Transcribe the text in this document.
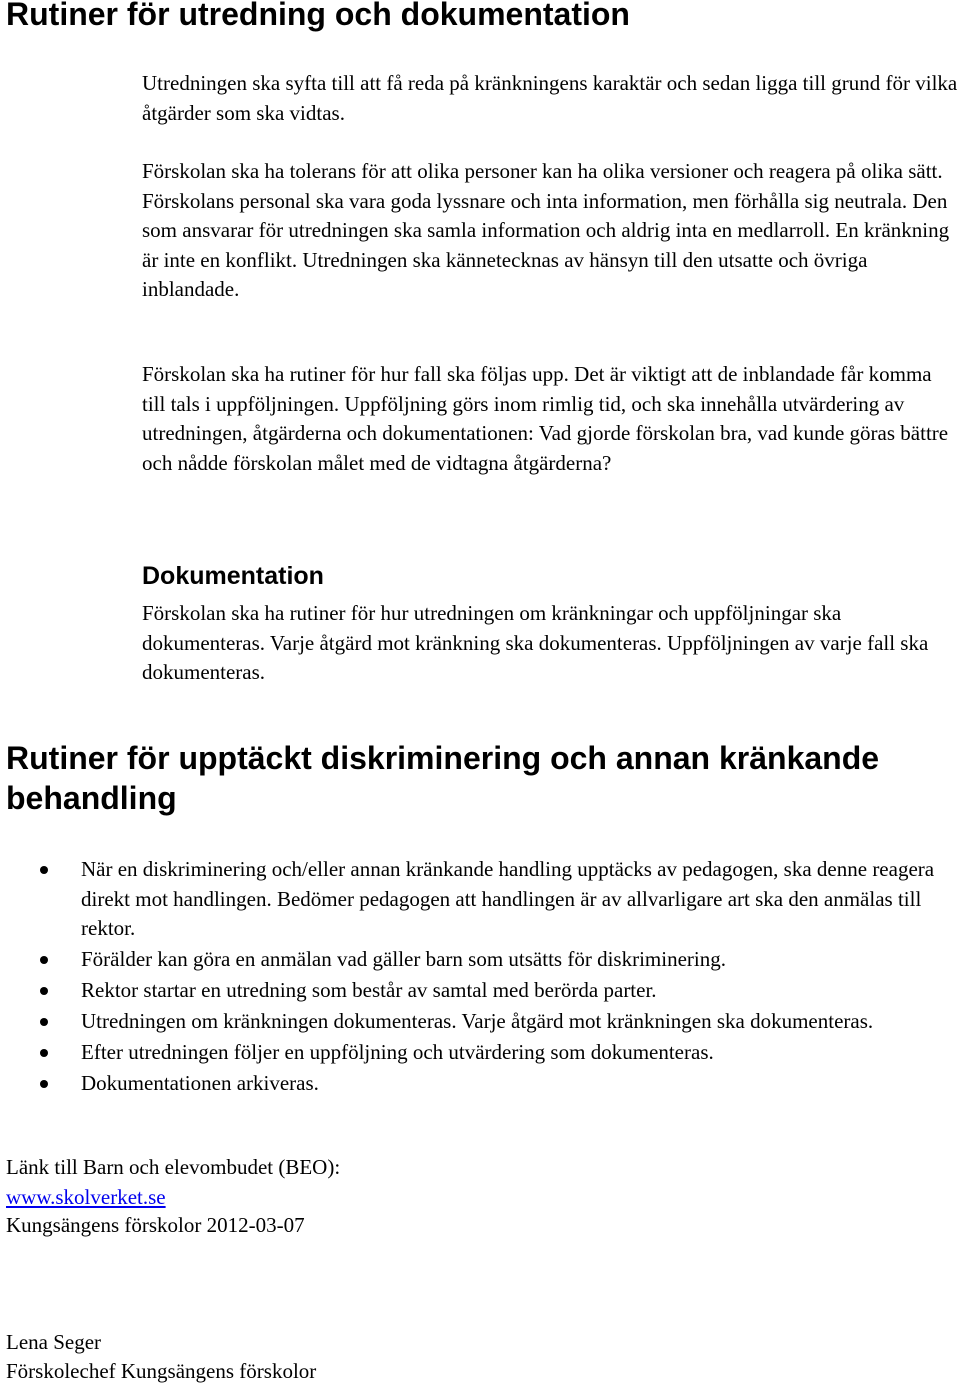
Rutiner för utredning och dokumentation

Utredningen ska syfta till att få reda på kränkningens karaktär och sedan ligga till grund för vilka åtgärder som ska vidtas.

Förskolan ska ha tolerans för att olika personer kan ha olika versioner och reagera på olika sätt. Förskolans personal ska vara goda lyssnare och inta information, men förhålla sig neutrala. Den som ansvarar för utredningen ska samla information och aldrig inta en medlarroll. En kränkning är inte en konflikt. Utredningen ska kännetecknas av hänsyn till den utsatte och övriga inblandade.

Förskolan ska ha rutiner för hur fall ska följas upp. Det är viktigt att de inblandade får komma till tals i uppföljningen. Uppföljning görs inom rimlig tid, och ska innehålla utvärdering av utredningen, åtgärderna och dokumentationen: Vad gjorde förskolan bra, vad kunde göras bättre och nådde förskolan målet med de vidtagna åtgärderna?

Dokumentation

Förskolan ska ha rutiner för hur utredningen om kränkningar och uppföljningar ska dokumenteras. Varje åtgärd mot kränkning ska dokumenteras. Uppföljningen av varje fall ska dokumenteras.

Rutiner för upptäckt diskriminering och annan kränkande behandling
När en diskriminering och/eller annan kränkande handling upptäcks av pedagogen, ska denne reagera direkt mot handlingen. Bedömer pedagogen att handlingen är av allvarligare art ska den anmälas till rektor.
Förälder kan göra en anmälan vad gäller barn som utsätts för diskriminering.
Rektor startar en utredning som består av samtal med berörda parter.
Utredningen om kränkningen dokumenteras. Varje åtgärd mot kränkningen ska dokumenteras.
Efter utredningen följer en uppföljning och utvärdering som dokumenteras.
Dokumentationen arkiveras.
Länk till Barn och elevombudet (BEO):
www.skolverket.se
Kungsängens förskolor 2012-03-07
Lena Seger
Förskolechef Kungsängens förskolor
